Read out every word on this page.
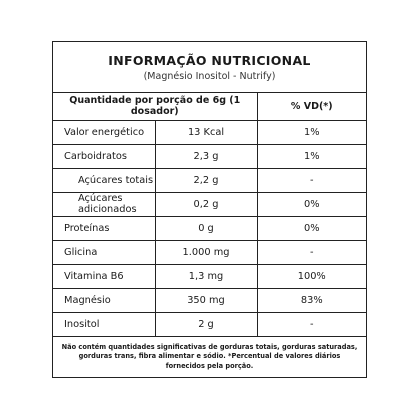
INFORMAÇÃO NUTRICIONAL
(Magnésio Inositol - Nutrify)
Quantidade por porção de 6g (1 dosador)		% VD(*)
Valor energético	13 Kcal	1%
Carboidratos	2,3 g	1%
Açúcares totais	2,2 g	-
Açúcares adicionados	0,2 g	0%
Proteínas	0 g	0%
Glicina	1.000 mg	-
Vitamina B6	1,3 mg	100%
Magnésio	350 mg	83%
Inositol	2 g	-
Não contém quantidades significativas de gorduras totais, gorduras saturadas, gorduras trans, fibra alimentar e sódio. *Percentual de valores diários fornecidos pela porção.
